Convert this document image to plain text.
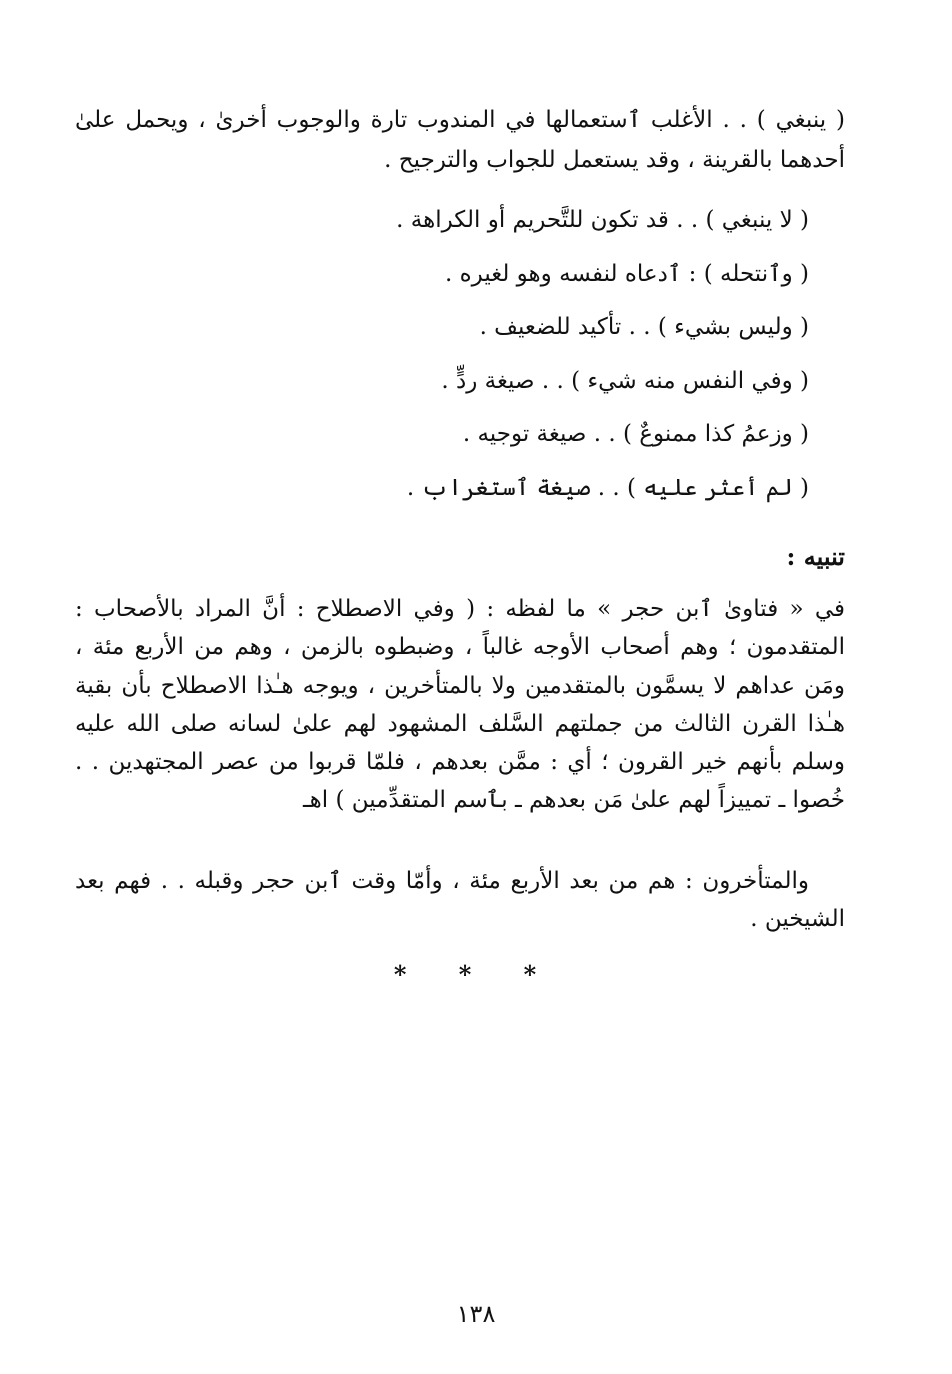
( ينبغي ) . . الأغلب ٱستعمالها في المندوب تارة والوجوب أخرىٰ ، ويحمل علىٰ أحدهما بالقرينة ، وقد يستعمل للجواب والترجيح .
( لا ينبغي ) . . قد تكون للتَّحريم أو الكراهة .
( وٱنتحله ) : ٱدعاه لنفسه وهو لغيره .
( وليس بشيء ) . . تأكيد للضعيف .
( وفي النفس منه شيء ) . . صيغة ردٍّ .
( وزعمُ كذا ممنوعٌ ) . . صيغة توجيه .
( لم أعثر عليه ) . . صيغة ٱستغراب .
تنبيه :
في « فتاوىٰ ٱبن حجر » ما لفظه : ( وفي الاصطلاح : أنَّ المراد بالأصحاب : المتقدمون ؛ وهم أصحاب الأوجه غالباً ، وضبطوه بالزمن ، وهم من الأربع مئة ، ومَن عداهم لا يسمَّون بالمتقدمين ولا بالمتأخرين ، ويوجه هـٰذا الاصطلاح بأن بقية هـٰذا القرن الثالث من جملتهم السَّلف المشهود لهم علىٰ لسانه صلى الله عليه وسلم بأنهم خير القرون ؛ أي : ممَّن بعدهم ، فلمّا قربوا من عصر المجتهدين . . خُصوا ـ تمييزاً لهم علىٰ مَن بعدهم ـ بٱسم المتقدِّمين ) اهـ
والمتأخرون : هم من بعد الأربع مئة ، وأمّا وقت ٱبن حجر وقبله . . فهم بعد الشيخين .
* * *
١٣٨
